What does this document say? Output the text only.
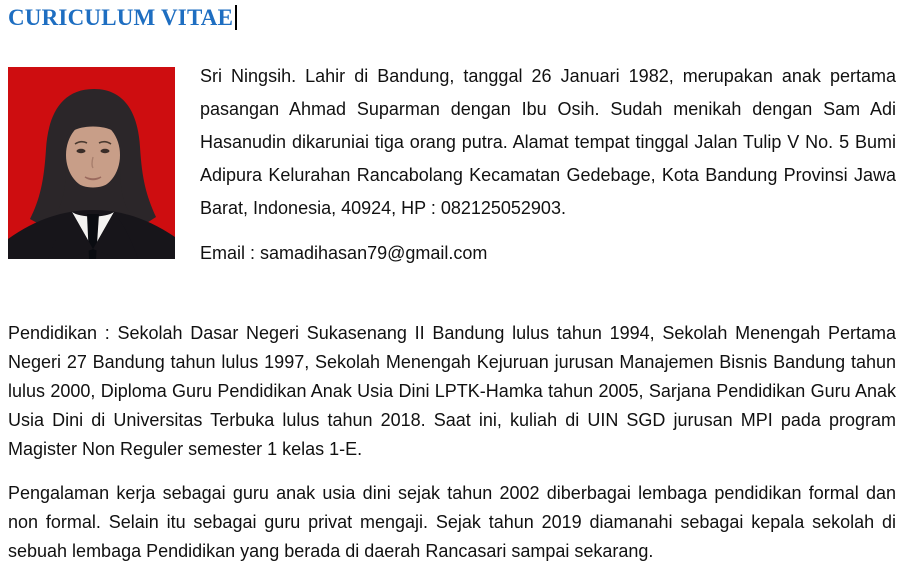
CURICULUM VITAE

Sri Ningsih. Lahir di Bandung, tanggal 26 Januari 1982, merupakan anak pertama pasangan Ahmad Suparman dengan Ibu Osih. Sudah menikah dengan Sam Adi Hasanudin dikaruniai tiga orang putra. Alamat tempat tinggal Jalan Tulip V No. 5 Bumi Adipura Kelurahan Rancabolang Kecamatan Gedebage, Kota Bandung Provinsi Jawa Barat, Indonesia, 40924, HP : 082125052903.

Email : samadihasan79@gmail.com

Pendidikan : Sekolah Dasar Negeri Sukasenang II Bandung lulus tahun 1994, Sekolah Menengah Pertama Negeri 27 Bandung tahun lulus 1997, Sekolah Menengah Kejuruan jurusan Manajemen Bisnis Bandung tahun lulus 2000, Diploma Guru Pendidikan Anak Usia Dini LPTK-Hamka tahun 2005, Sarjana Pendidikan Guru Anak Usia Dini di Universitas Terbuka lulus tahun 2018. Saat ini, kuliah di UIN SGD jurusan MPI pada program Magister Non Reguler semester 1 kelas 1-E.

Pengalaman kerja sebagai guru anak usia dini sejak tahun 2002 diberbagai lembaga pendidikan formal dan non formal. Selain itu sebagai guru privat mengaji. Sejak tahun 2019 diamanahi sebagai kepala sekolah di sebuah lembaga Pendidikan yang berada di daerah Rancasari sampai sekarang.
